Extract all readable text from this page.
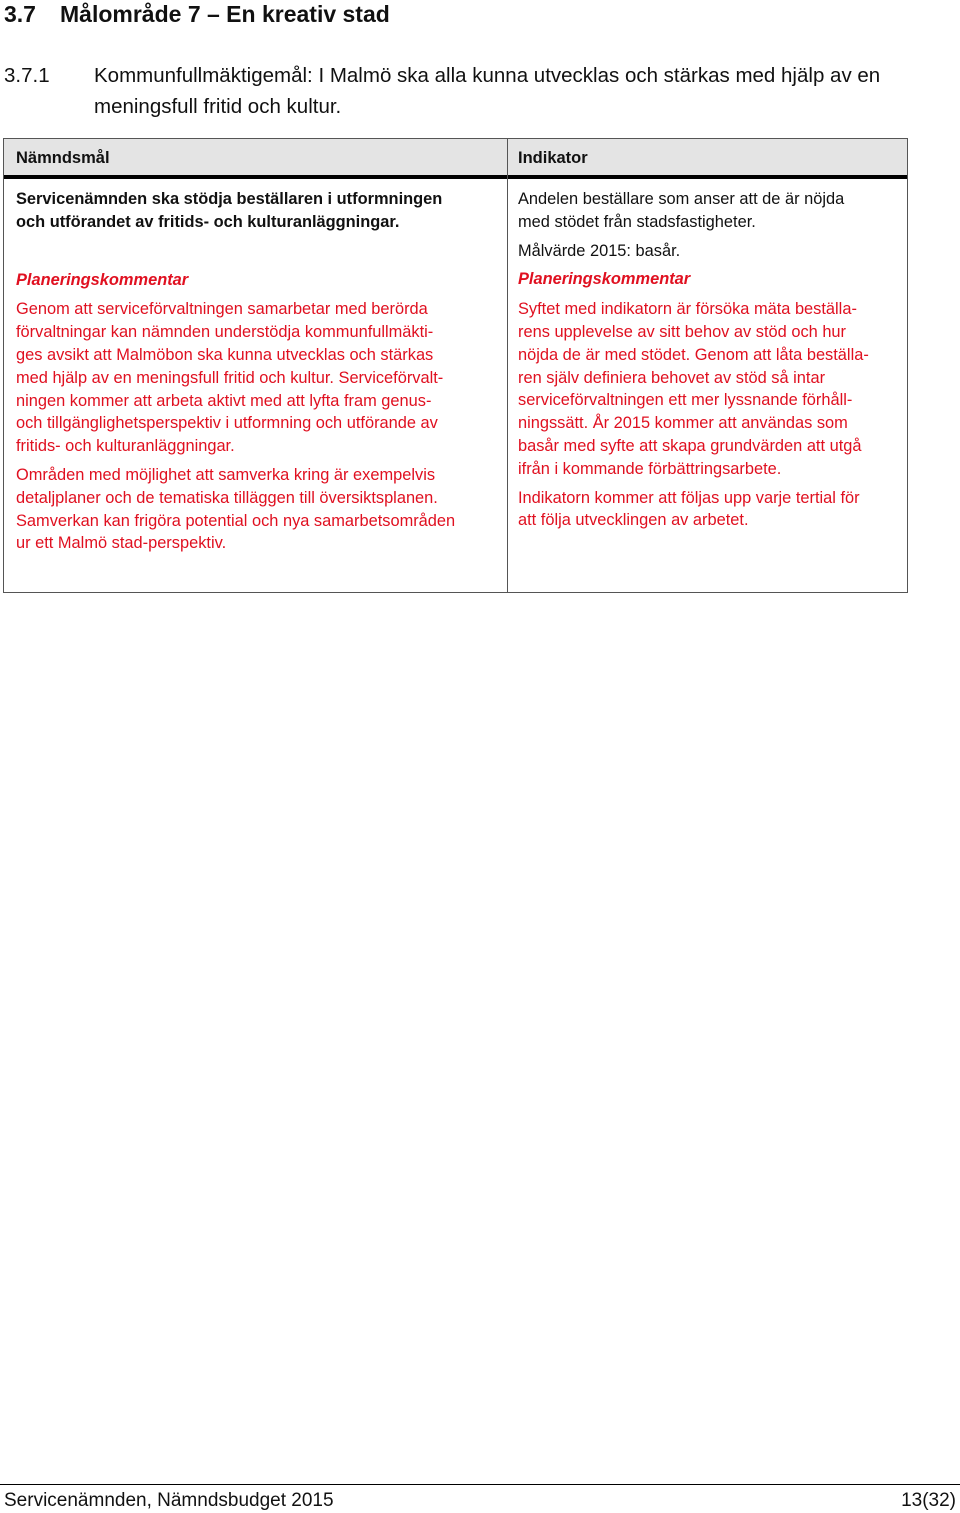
3.7 Målområde 7 – En kreativ stad
3.7.1 Kommunfullmäktigemål: I Malmö ska alla kunna utvecklas och stärkas med hjälp av en meningsfull fritid och kultur.
Nämndsmål	Indikator

Servicenämnden ska stödja beställaren i utformningen
och utförandet av fritids- och kulturanläggningar.

Planeringskommentar

Genom att serviceförvaltningen samarbetar med berörda
förvaltningar kan nämnden understödja kommunfullmäkti-
ges avsikt att Malmöbon ska kunna utvecklas och stärkas
med hjälp av en meningsfull fritid och kultur. Serviceförvalt-
ningen kommer att arbeta aktivt med att lyfta fram genus-
och tillgänglighetsperspektiv i utformning och utförande av
fritids- och kulturanläggningar.

Områden med möjlighet att samverka kring är exempelvis
detaljplaner och de tematiska tilläggen till översiktsplanen.
Samverkan kan frigöra potential och nya samarbetsområden
ur ett Malmö stad-perspektiv.

Andelen beställare som anser att de är nöjda
med stödet från stadsfastigheter.

Målvärde 2015: basår.

Planeringskommentar

Syftet med indikatorn är försöka mäta beställa-
rens upplevelse av sitt behov av stöd och hur
nöjda de är med stödet. Genom att låta beställa-
ren själv definiera behovet av stöd så intar
serviceförvaltningen ett mer lyssnande förhåll-
ningssätt. År 2015 kommer att användas som
basår med syfte att skapa grundvärden att utgå
ifrån i kommande förbättringsarbete.

Indikatorn kommer att följas upp varje tertial för
att följa utvecklingen av arbetet.

Servicenämnden, Nämndsbudget 2015	13(32)
